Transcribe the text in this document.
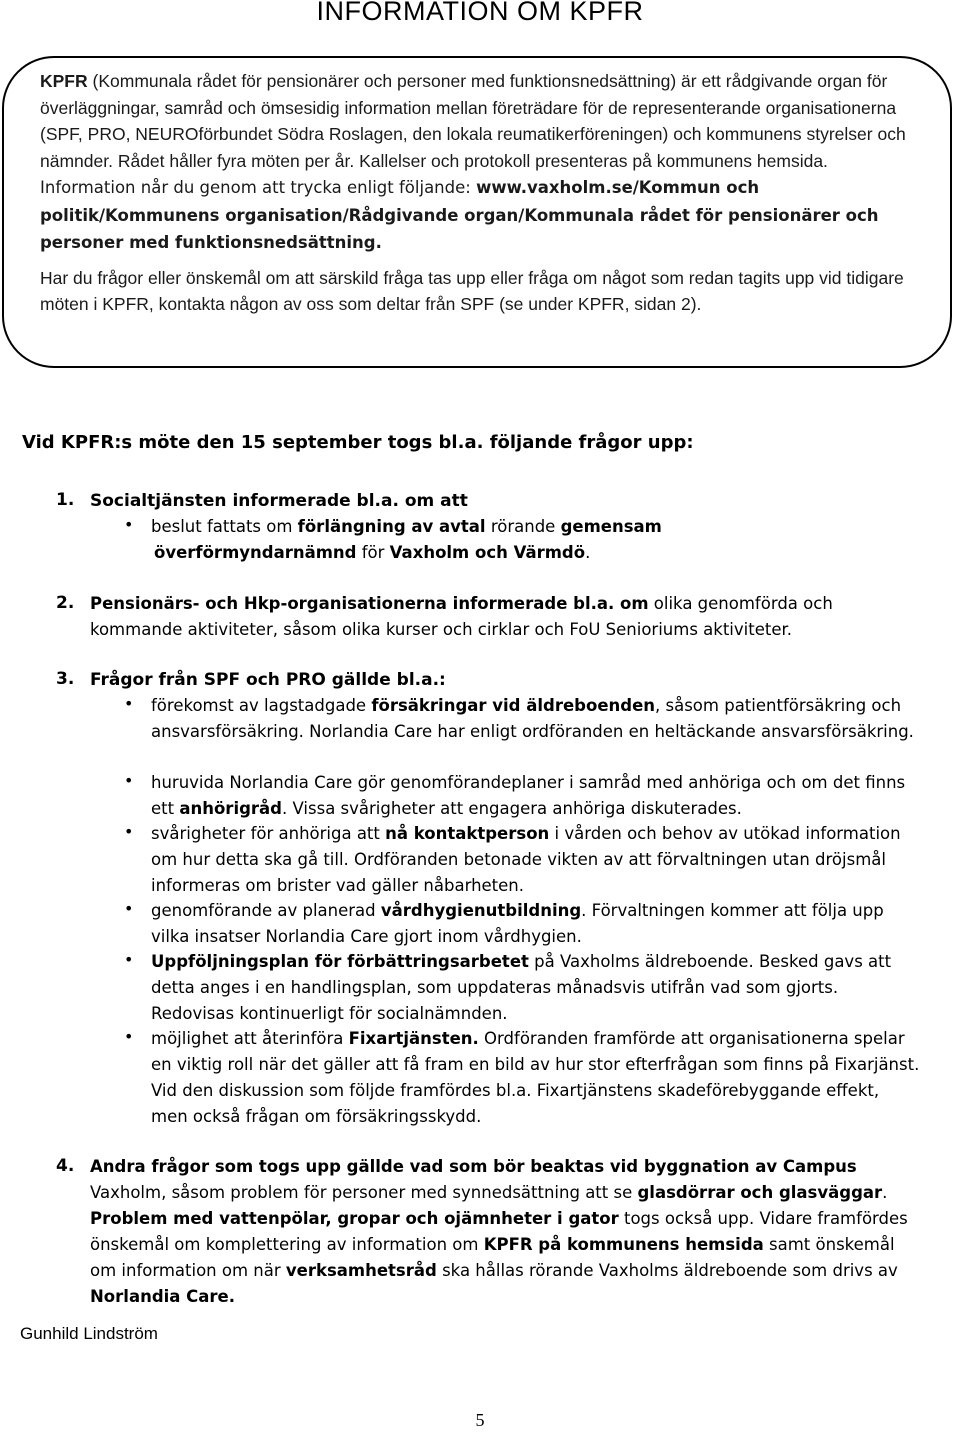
INFORMATION OM KPFR

KPFR (Kommunala rådet för pensionärer och personer med funktionsnedsättning) är ett rådgivande organ för överläggningar, samråd och ömsesidig information mellan företrädare för de representerande organisationerna (SPF, PRO, NEUROförbundet Södra Roslagen, den lokala reumatikerföreningen) och kommunens styrelser och nämnder. Rådet håller fyra möten per år. Kallelser och protokoll presenteras på kommunens hemsida.
Information når du genom att trycka enligt följande: www.vaxholm.se/Kommun och politik/Kommunens organisation/Rådgivande organ/Kommunala rådet för pensionärer och personer med funktionsnedsättning.

Har du frågor eller önskemål om att särskild fråga tas upp eller fråga om något som redan tagits upp vid tidigare möten i KPFR, kontakta någon av oss som deltar från SPF (se under KPFR, sidan 2).

Vid KPFR:s möte den 15 september togs bl.a. följande frågor upp:
1. Socialtjänsten informerade bl.a. om att
• beslut fattats om förlängning av avtal rörande gemensam
överförmyndarnämnd för Vaxholm och Värmdö.
2. Pensionärs- och Hkp-organisationerna informerade bl.a. om olika genomförda och kommande aktiviteter, såsom olika kurser och cirklar och FoU Senioriums aktiviteter.
3. Frågor från SPF och PRO gällde bl.a.:
• förekomst av lagstadgade försäkringar vid äldreboenden, såsom patientförsäkring och ansvarsförsäkring. Norlandia Care har enligt ordföranden en heltäckande ansvarsförsäkring.
• huruvida Norlandia Care gör genomförandeplaner i samråd med anhöriga och om det finns ett anhörigråd. Vissa svårigheter att engagera anhöriga diskuterades.
• svårigheter för anhöriga att nå kontaktperson i vården och behov av utökad information om hur detta ska gå till. Ordföranden betonade vikten av att förvaltningen utan dröjsmål informeras om brister vad gäller nåbarheten.
• genomförande av planerad vårdhygienutbildning. Förvaltningen kommer att följa upp vilka insatser Norlandia Care gjort inom vårdhygien.
• Uppföljningsplan för förbättringsarbetet på Vaxholms äldreboende. Besked gavs att detta anges i en handlingsplan, som uppdateras månadsvis utifrån vad som gjorts. Redovisas kontinuerligt för socialnämnden.
• möjlighet att återinföra Fixartjänsten. Ordföranden framförde att organisationerna spelar en viktig roll när det gäller att få fram en bild av hur stor efterfrågan som finns på Fixarjänst. Vid den diskussion som följde framfördes bl.a. Fixartjänstens skadeförebyggande effekt, men också frågan om försäkringsskydd.
4. Andra frågor som togs upp gällde vad som bör beaktas vid byggnation av Campus Vaxholm, såsom problem för personer med synnedsättning att se glasdörrar och glasväggar. Problem med vattenpölar, gropar och ojämnheter i gator togs också upp. Vidare framfördes önskemål om komplettering av information om KPFR på kommunens hemsida samt önskemål om information om när verksamhetsråd ska hållas rörande Vaxholms äldreboende som drivs av Norlandia Care.
Gunhild Lindström
5
